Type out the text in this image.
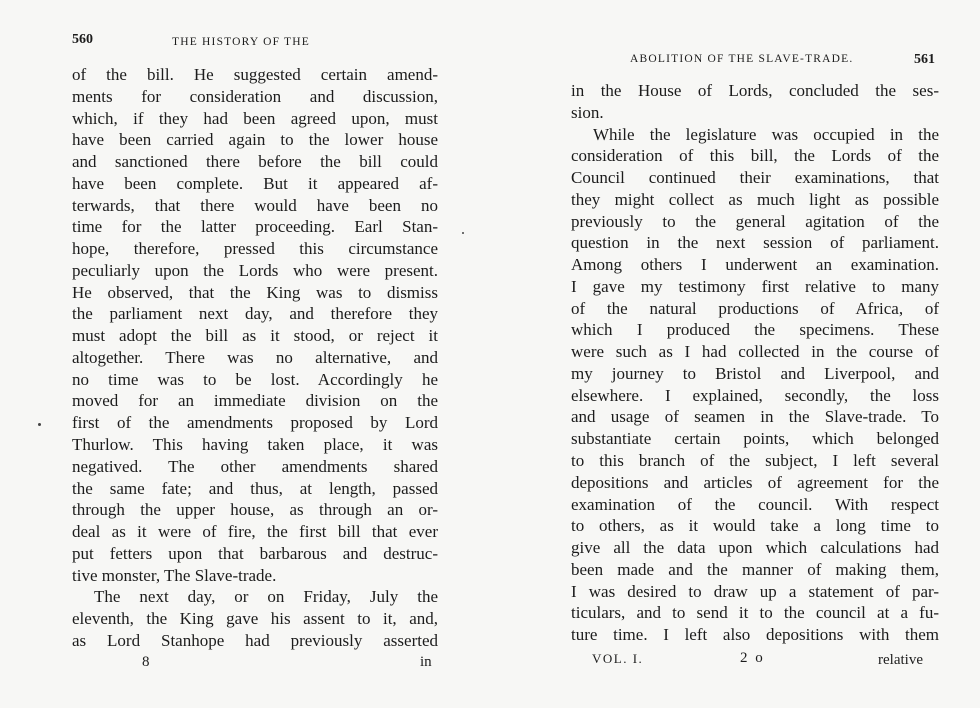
560	THE HISTORY OF THE
of the bill. He suggested certain amend-
ments for consideration and discussion,
which, if they had been agreed upon, must
have been carried again to the lower house
and sanctioned there before the bill could
have been complete. But it appeared af-
terwards, that there would have been no
time for the latter proceeding. Earl Stan-
hope, therefore, pressed this circumstance
peculiarly upon the Lords who were present.
He observed, that the King was to dismiss
the parliament next day, and therefore they
must adopt the bill as it stood, or reject it
altogether. There was no alternative, and
no time was to be lost. Accordingly he
moved for an immediate division on the
first of the amendments proposed by Lord
Thurlow. This having taken place, it was
negatived. The other amendments shared
the same fate; and thus, at length, passed
through the upper house, as through an or-
deal as it were of fire, the first bill that ever
put fetters upon that barbarous and destruc-
tive monster, The Slave-trade.
The next day, or on Friday, July the
eleventh, the King gave his assent to it, and,
as Lord Stanhope had previously asserted
8	in
ABOLITION OF THE SLAVE-TRADE.	561
in the House of Lords, concluded the ses-
sion.
While the legislature was occupied in the
consideration of this bill, the Lords of the
Council continued their examinations, that
they might collect as much light as possible
previously to the general agitation of the
question in the next session of parliament.
Among others I underwent an examination.
I gave my testimony first relative to many
of the natural productions of Africa, of
which I produced the specimens. These
were such as I had collected in the course of
my journey to Bristol and Liverpool, and
elsewhere. I explained, secondly, the loss
and usage of seamen in the Slave-trade. To
substantiate certain points, which belonged
to this branch of the subject, I left several
depositions and articles of agreement for the
examination of the council. With respect
to others, as it would take a long time to
give all the data upon which calculations had
been made and the manner of making them,
I was desired to draw up a statement of par-
ticulars, and to send it to the council at a fu-
ture time. I left also depositions with them
VOL. I.	2 o	relative
